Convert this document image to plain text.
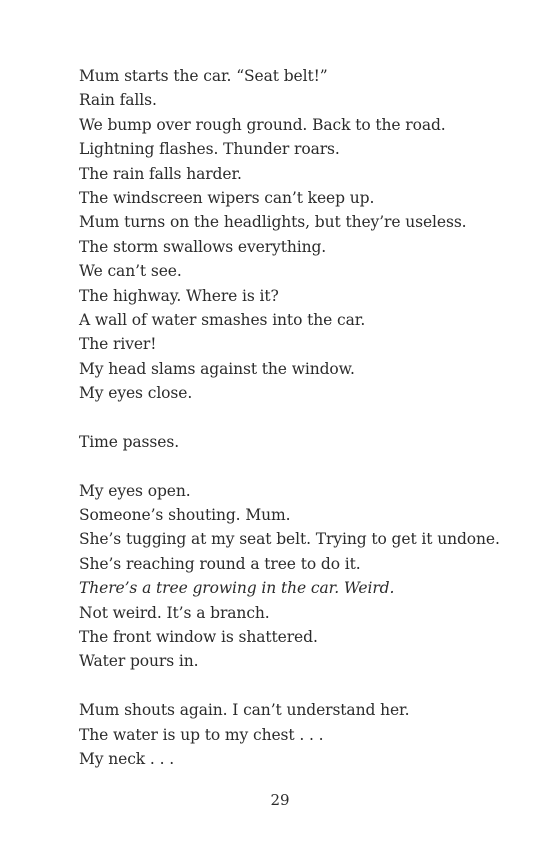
Mum starts the car. “Seat belt!”
Rain falls.
We bump over rough ground. Back to the road.
Lightning flashes. Thunder roars.
The rain falls harder.
The windscreen wipers can’t keep up.
Mum turns on the headlights, but they’re useless.
The storm swallows everything.
We can’t see.
The highway. Where is it?
A wall of water smashes into the car.
The river!
My head slams against the window.
My eyes close.
Time passes.
My eyes open.
Someone’s shouting. Mum.
She’s tugging at my seat belt. Trying to get it undone.
She’s reaching round a tree to do it.
There’s a tree growing in the car. Weird.
Not weird. It’s a branch.
The front window is shattered.
Water pours in.
Mum shouts again. I can’t understand her.
The water is up to my chest . . .
My neck . . .
29
